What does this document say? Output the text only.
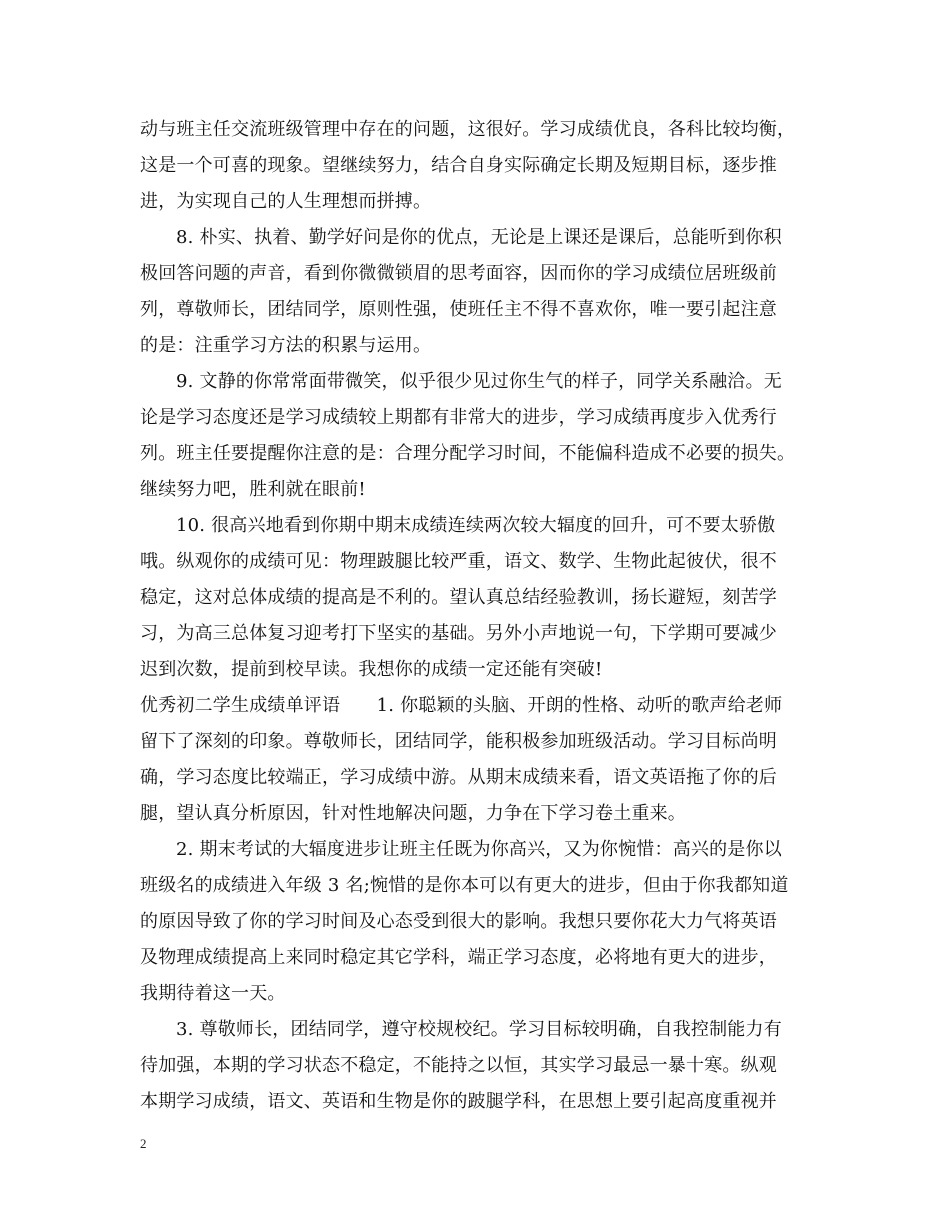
动与班主任交流班级管理中存在的问题，这很好。学习成绩优良，各科比较均衡，
这是一个可喜的现象。望继续努力，结合自身实际确定长期及短期目标，逐步推
进，为实现自己的人生理想而拼搏。
8. 朴实、执着、勤学好问是你的优点，无论是上课还是课后，总能听到你积
极回答问题的声音，看到你微微锁眉的思考面容，因而你的学习成绩位居班级前
列，尊敬师长，团结同学，原则性强，使班任主不得不喜欢你，唯一要引起注意
的是：注重学习方法的积累与运用。
9. 文静的你常常面带微笑，似乎很少见过你生气的样子，同学关系融洽。无
论是学习态度还是学习成绩较上期都有非常大的进步，学习成绩再度步入优秀行
列。班主任要提醒你注意的是：合理分配学习时间，不能偏科造成不必要的损失。
继续努力吧，胜利就在眼前!
10. 很高兴地看到你期中期末成绩连续两次较大辐度的回升，可不要太骄傲
哦。纵观你的成绩可见：物理跛腿比较严重，语文、数学、生物此起彼伏，很不
稳定，这对总体成绩的提高是不利的。望认真总结经验教训，扬长避短，刻苦学
习，为高三总体复习迎考打下坚实的基础。另外小声地说一句，下学期可要减少
迟到次数，提前到校早读。我想你的成绩一定还能有突破!
优秀初二学生成绩单评语　　1. 你聪颖的头脑、开朗的性格、动听的歌声给老师
留下了深刻的印象。尊敬师长，团结同学，能积极参加班级活动。学习目标尚明
确，学习态度比较端正，学习成绩中游。从期末成绩来看，语文英语拖了你的后
腿，望认真分析原因，针对性地解决问题，力争在下学习卷土重来。
2. 期末考试的大辐度进步让班主任既为你高兴，又为你惋惜：高兴的是你以
班级名的成绩进入年级 3 名;惋惜的是你本可以有更大的进步，但由于你我都知道
的原因导致了你的学习时间及心态受到很大的影响。我想只要你花大力气将英语
及物理成绩提高上来同时稳定其它学科，端正学习态度，必将地有更大的进步，
我期待着这一天。
3. 尊敬师长，团结同学，遵守校规校纪。学习目标较明确，自我控制能力有
待加强，本期的学习状态不稳定，不能持之以恒，其实学习最忌一暴十寒。纵观
本期学习成绩，语文、英语和生物是你的跛腿学科，在思想上要引起高度重视并
2
